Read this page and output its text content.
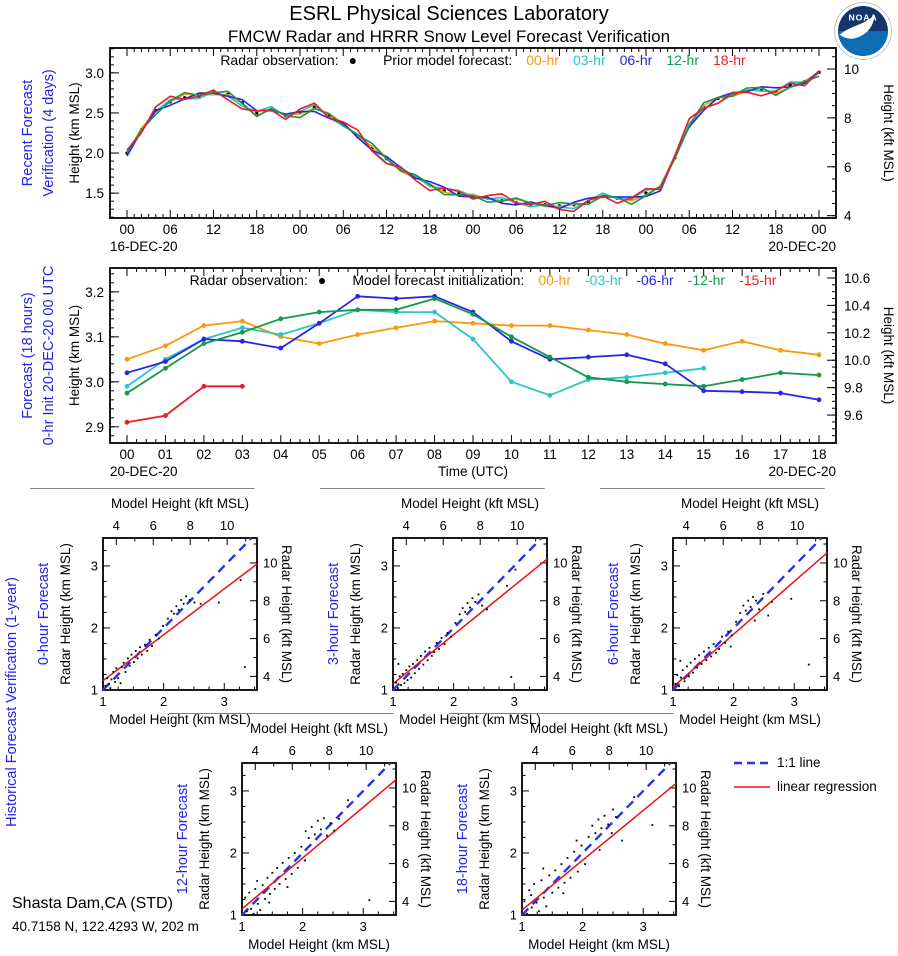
ESRL Physical Sciences Laboratory
FMCW Radar and HRRR Snow Level Forecast Verification
NOAA
00 06 12 18 00 06 12 18 00 06 12 18 00 06 12 18 00
16-DEC-20	20-DEC-20
1.5
2.0
2.5
3.0
4
6
8
10
Height (km MSL)	Height (kft MSL)
Recent Forecast Verification (4 days)
Radar observation: ● Prior model forecast: 00-hr 03-hr 06-hr 12-hr 18-hr
00 01 02 03 04 05 06 07 08 09 10 11 12 13 14 15 16 17 18
20-DEC-20	20-DEC-20
Time (UTC)
2.9
3.0
3.1
3.2
9.6
9.8
10.0
10.2
10.4
10.6
Height (km MSL)	Height (kft MSL)
Forecast (18 hours) 0-hr Init 20-DEC-20 00 UTC	Radar observation: ● Model forecast initialization: 00-hr -03-hr -06-hr -12-hr -15-hr
Historical Forecast Verification (1-year)	1
1
2
2
3
3
4
4
6
6
8
8
10
10
Model Height (kft MSL)
Model Height (km MSL)
Radar Height (km MSL)	Radar Height (kft MSL)
0-hour Forecast
1
1
2
2
3
3
4
4
6
6
8
8
10
10
Model Height (kft MSL)
Model Height (km MSL)
Radar Height (km MSL)	Radar Height (kft MSL)
3-hour Forecast
1
1
2
2
3
3
4
4
6
6
8
8
10
10
Model Height (kft MSL)
Model Height (km MSL)
Radar Height (km MSL)	Radar Height (kft MSL)
6-hour Forecast
1
1
2
2
3
3
4
4
6
6
8
8
10
10
Model Height (kft MSL)
Model Height (km MSL)
Radar Height (km MSL)	Radar Height (kft MSL)
12-hour Forecast
1
1
2
2
3
3
4
4
6
6
8
8
10
10
Model Height (kft MSL)
Model Height (km MSL)
Radar Height (km MSL)	Radar Height (kft MSL)
18-hour Forecast
1:1 line
linear regression
Shasta Dam,CA (STD)
40.7158 N, 122.4293 W, 202 m
